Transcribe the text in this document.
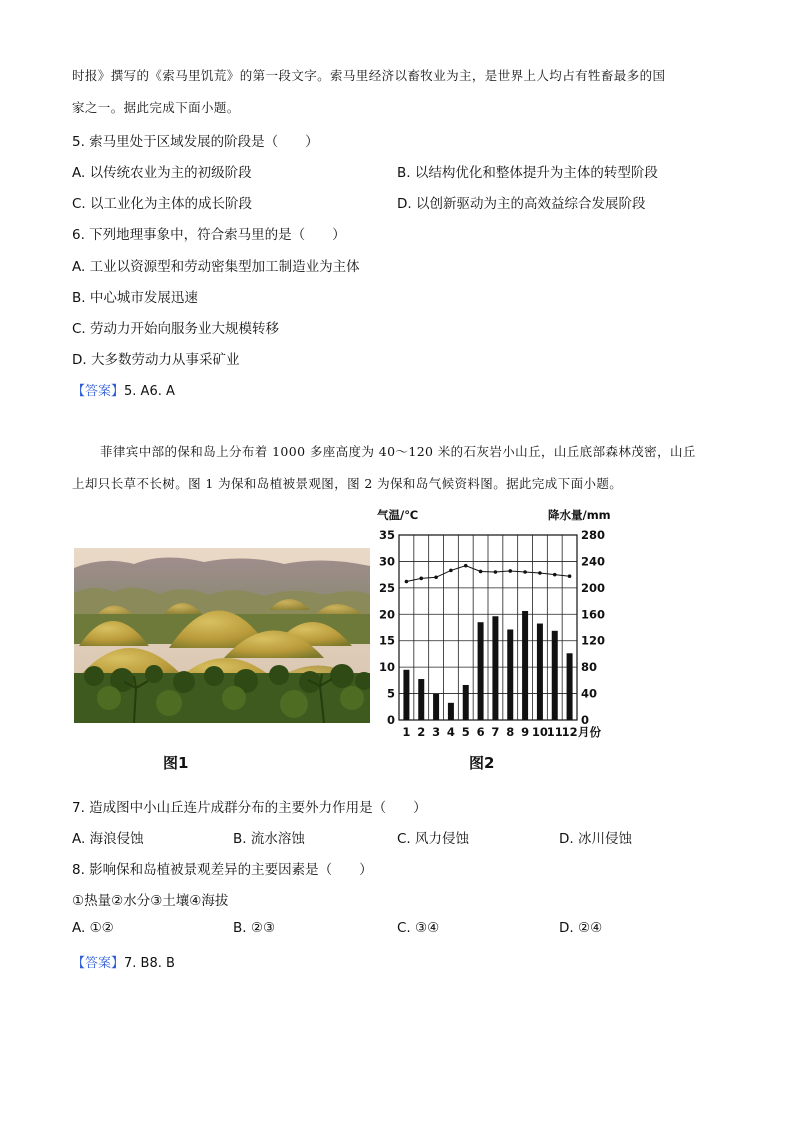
时报》撰写的《索马里饥荒》的第一段文字。索马里经济以畜牧业为主，是世界上人均占有牲畜最多的国
家之一。据此完成下面小题。
5. 索马里处于区域发展的阶段是（　　）
A. 以传统农业为主的初级阶段	B. 以结构优化和整体提升为主体的转型阶段
C. 以工业化为主体的成长阶段	D. 以创新驱动为主的高效益综合发展阶段
6. 下列地理事象中，符合索马里的是（　　）
A. 工业以资源型和劳动密集型加工制造业为主体
B. 中心城市发展迅速
C. 劳动力开始向服务业大规模转移
D. 大多数劳动力从事采矿业
【答案】5. A6. A
菲律宾中部的保和岛上分布着 1000 多座高度为 40～120 米的石灰岩小山丘，山丘底部森林茂密，山丘
上却只长草不长树。图 1 为保和岛植被景观图，图 2 为保和岛气候资料图。据此完成下面小题。
图1
气温/℃	降水量/mm
0
5
10
15
20
25
30
35
0
40
80
120
160
200
240
280
1 2 3 4 5 6 7 8 9 10
11
12 月份
图2
7. 造成图中小山丘连片成群分布的主要外力作用是（　　）
A. 海浪侵蚀	B. 流水溶蚀	C. 风力侵蚀	D. 冰川侵蚀
8. 影响保和岛植被景观差异的主要因素是（　　）
①热量②水分③土壤④海拔
A. ①②	B. ②③	C. ③④	D. ②④
【答案】7. B8. B
